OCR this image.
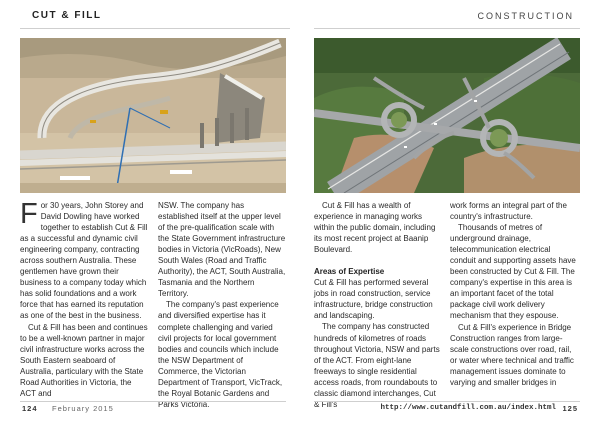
CUT & FILL	CONSTRUCTION
F or 30 years, John Storey and David Dowling have worked together to establish Cut & Fill as a successful and dynamic civil engineering company, contracting across southern Australia. These gentlemen have grown their business to a company today which has solid foundations and a work force that has earned its reputation as one of the best in the business.

Cut & Fill has been and continues to be a well-known partner in major civil infrastructure works across the South Eastern seaboard of Australia, particulary with the State Road Authorities in Victoria, the ACT and

NSW. The company has established itself at the upper level of the pre-qualification scale with the State Government infrastructure bodies in Victoria (VicRoads), New South Wales (Road and Traffic Authority), the ACT, South Australia, Tasmania and the Northern Territory.

The company's past experience and diversified expertise has it complete challenging and varied civil projects for local government bodies and councils which include the NSW Department of Commerce, the Victorian Department of Transport, VicTrack, the Royal Botanic Gardens and Parks Victoria.

Cut & Fill has a wealth of experience in managing works within the public domain, including its most recent project at Baanip Boulevard.

Areas of Expertise

Cut & Fill has performed several jobs in road construction, service infrastructure, bridge construction and landscaping.

The company has constructed hundreds of kilometres of roads throughout Victoria, NSW and parts of the ACT. From eight-lane freeways to single residential access roads, from roundabouts to classic diamond interchanges, Cut & Fill's

work forms an integral part of the country's infrastructure.

Thousands of metres of underground drainage, telecommunication electrical conduit and supporting assets have been constructed by Cut & Fill. The company's expertise in this area is an important facet of the total package civil work delivery mechanism that they espouse.

Cut & Fill's experience in Bridge Construction ranges from large-scale constructions over road, rail, or water where technical and traffic management issues dominate to varying and smaller bridges in

124 February 2015	http://www.cutandfill.com.au/index.html 125
